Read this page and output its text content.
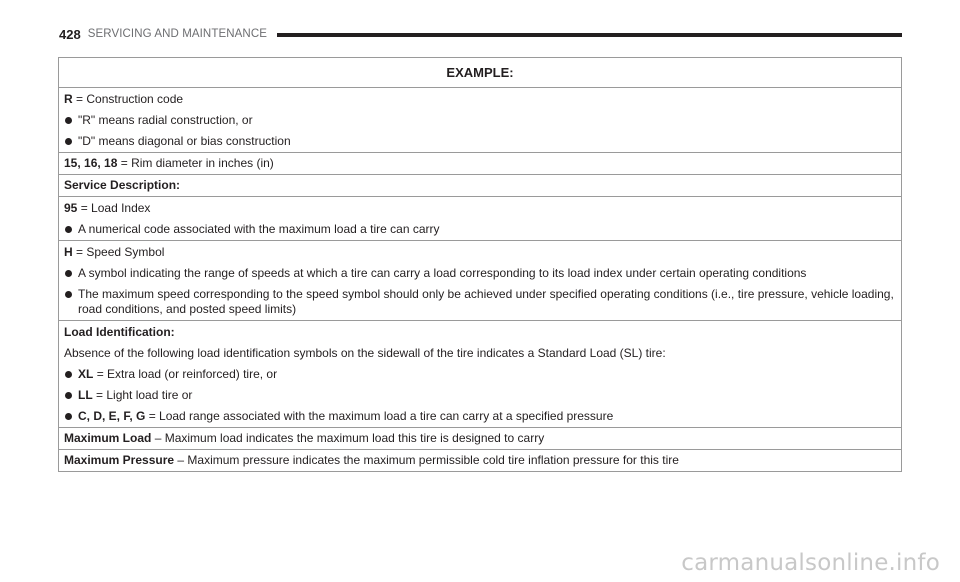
428 SERVICING AND MAINTENANCE
EXAMPLE:
R = Construction code
"R" means radial construction, or
"D" means diagonal or bias construction
15, 16, 18 = Rim diameter in inches (in)
Service Description:
95 = Load Index
A numerical code associated with the maximum load a tire can carry
H = Speed Symbol
A symbol indicating the range of speeds at which a tire can carry a load corresponding to its load index under certain operating conditions
The maximum speed corresponding to the speed symbol should only be achieved under specified operating conditions (i.e., tire pressure, vehicle loading, road conditions, and posted speed limits)
Load Identification:
Absence of the following load identification symbols on the sidewall of the tire indicates a Standard Load (SL) tire:
XL = Extra load (or reinforced) tire, or
LL = Light load tire or
C, D, E, F, G = Load range associated with the maximum load a tire can carry at a specified pressure
Maximum Load – Maximum load indicates the maximum load this tire is designed to carry
Maximum Pressure – Maximum pressure indicates the maximum permissible cold tire inflation pressure for this tire
carmanualsonline.info
